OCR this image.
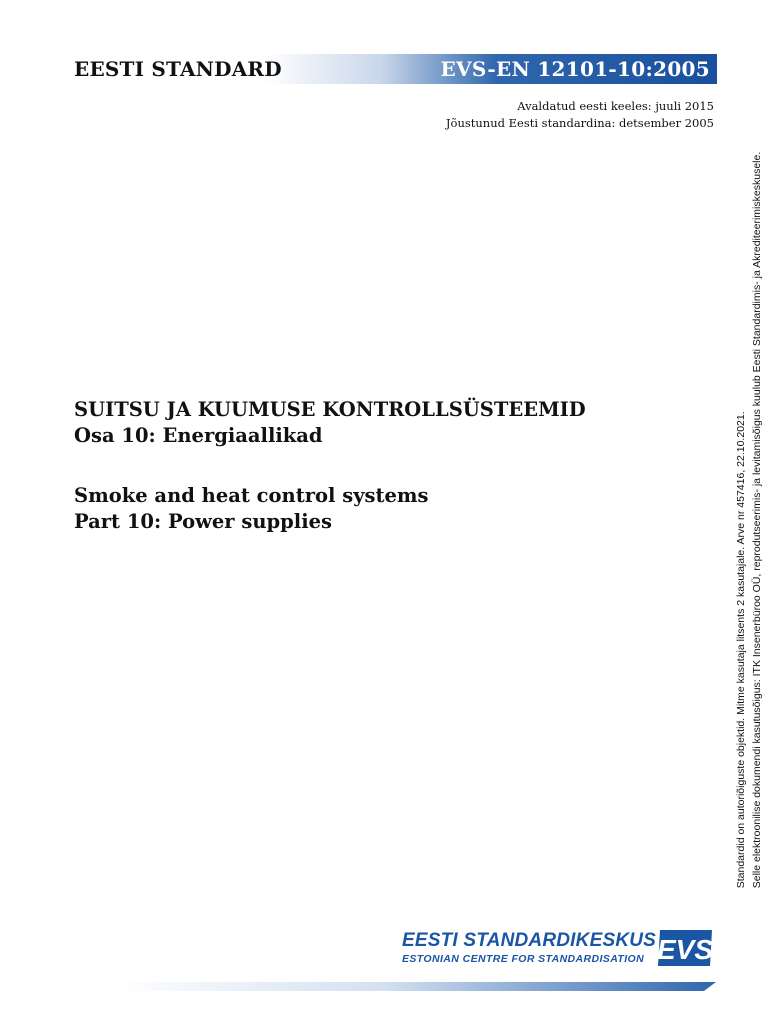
EESTI STANDARD	EVS-EN 12101-10:2005
Avaldatud eesti keeles: juuli 2015
Jõustunud Eesti standardina: detsember 2005
SUITSU JA KUUMUSE KONTROLLSÜSTEEMID
Osa 10: Energiaallikad
Smoke and heat control systems
Part 10: Power supplies	Standardid on autoriõiguste objektid. Mitme kasutaja litsents 2 kasutajale. Arve nr 457416, 22.10.2021. Selle elektroonilise dokumendi kasutusõigus: ITK Insenerbüroo OÜ, reprodutseerimis- ja levitamisõigus kuulub Eesti Standardimis- ja Akrediteerimiskeskusele.
EESTI STANDARDIKESKUS
ESTONIAN CENTRE FOR STANDARDISATION EVS
